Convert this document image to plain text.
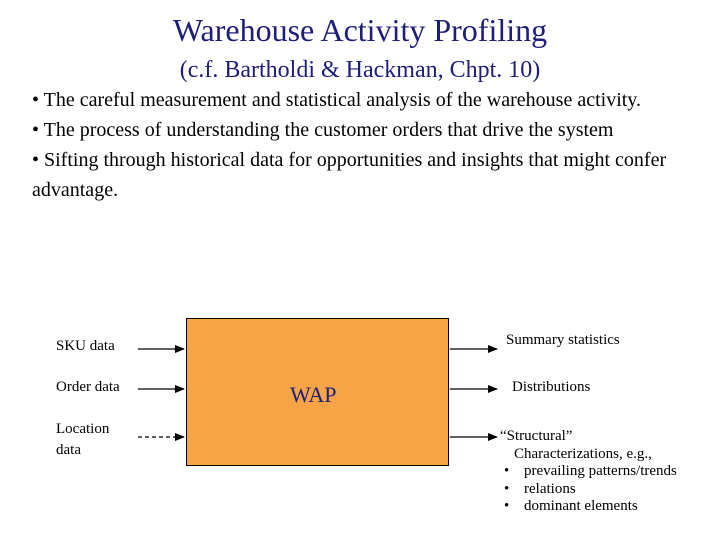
Warehouse Activity Profiling
(c.f. Bartholdi & Hackman, Chpt. 10)
• The careful measurement and statistical analysis of the warehouse activity.
• The process of understanding the customer orders that drive the system
• Sifting through historical data for opportunities and insights that might confer advantage.
WAP
SKU data
Order data
Location data
Summary statistics
Distributions
“Structural”
Characterizations, e.g.,
• prevailing patterns/trends
• relations
• dominant elements
